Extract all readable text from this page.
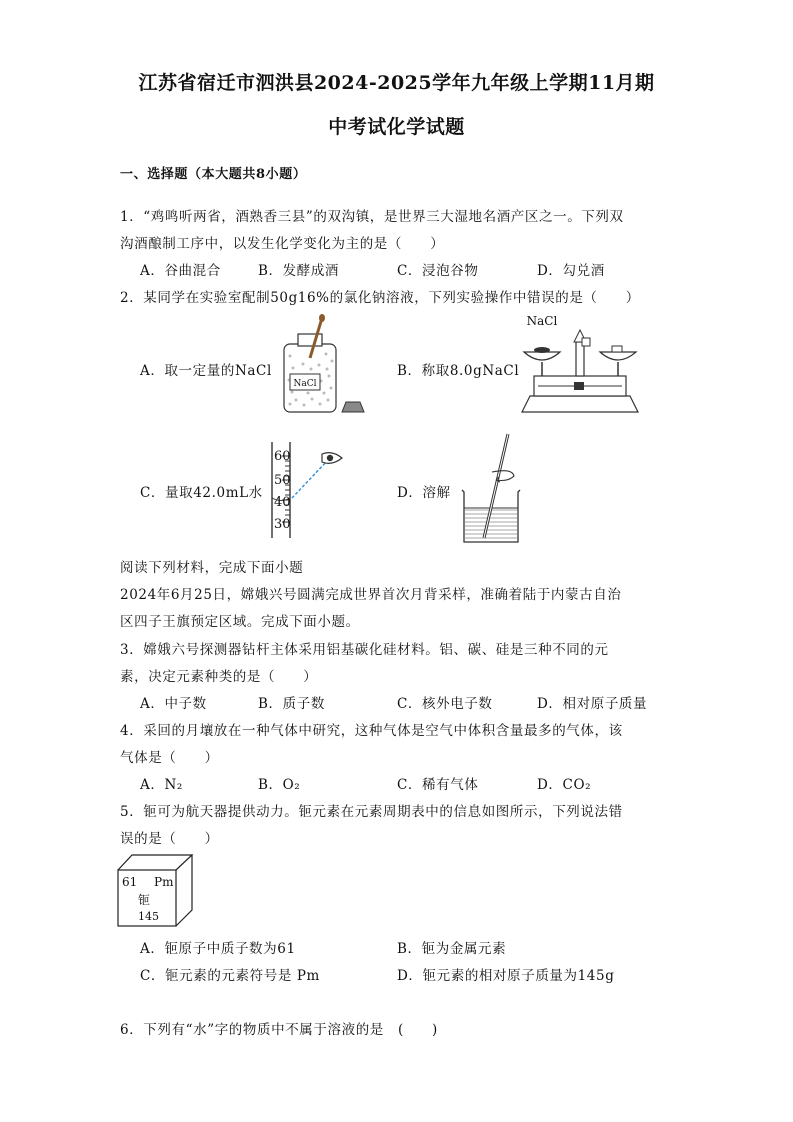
江苏省宿迁市泗洪县2024-2025学年九年级上学期11月期
中考试化学试题
一、选择题（本大题共8小题）
1．“鸡鸣听两省，酒熟香三县”的双沟镇，是世界三大湿地名酒产区之一。下列双
沟酒酿制工序中，以发生化学变化为主的是（　　）
A．谷曲混合	B．发酵成酒	C．浸泡谷物	D．勾兑酒
2．某同学在实验室配制50g16%的氯化钠溶液，下列实验操作中错误的是（　　）
A．取一定量的NaCl
NaCl
B．称取8.0gNaCl
NaCl
C．量取42.0mL水
60
50
40
30
D．溶解
阅读下列材料，完成下面小题
2024年6月25日，嫦娥兴号圆满完成世界首次月背采样，准确着陆于内蒙古自治
区四子王旗预定区域。完成下面小题。
3．嫦娥六号探测器钻杆主体采用铝基碳化硅材料。铝、碳、硅是三种不同的元
素，决定元素种类的是（　　）
A．中子数	B．质子数	C．核外电子数	D．相对原子质量
4．采回的月壤放在一种气体中研究，这种气体是空气中体积含量最多的气体，该
气体是（　　）
A．N₂	B．O₂	C．稀有气体	D．CO₂
5．钷可为航天器提供动力。钷元素在元素周期表中的信息如图所示，下列说法错
误的是（　　）
61 Pm
钷
145
A．钷原子中质子数为61	B．钷为金属元素
C．钷元素的元素符号是 Pm	D．钷元素的相对原子质量为145g
6．下列有“水”字的物质中不属于溶液的是　(　　)
